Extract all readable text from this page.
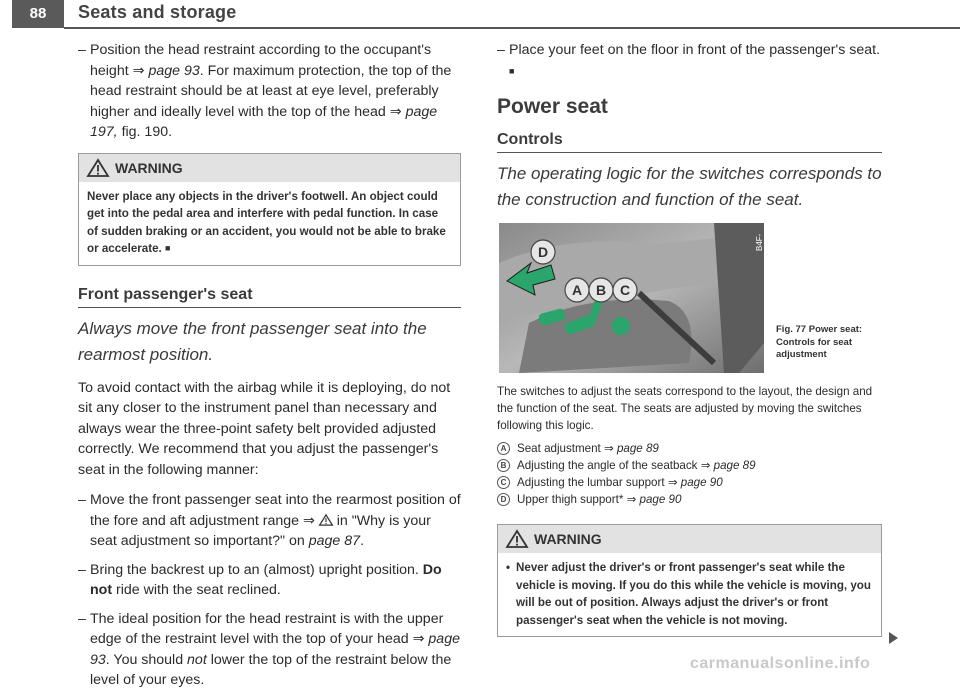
88	Seats and storage
– Position the head restraint according to the occupant's height ⇒ page 93. For maximum protection, the top of the head restraint should be at least at eye level, preferably higher and ideally level with the top of the head ⇒ page 197, fig. 190.
WARNING
Never place any objects in the driver's footwell. An object could get into the pedal area and interfere with pedal function. In case of sudden braking or an accident, you would not be able to brake or accelerate. ■
Front passenger's seat
Always move the front passenger seat into the rearmost position.
To avoid contact with the airbag while it is deploying, do not sit any closer to the instrument panel than necessary and always wear the three-point safety belt provided adjusted correctly. We recommend that you adjust the passenger's seat in the following manner:
– Move the front passenger seat into the rearmost position of the fore and aft adjustment range ⇒  in "Why is your seat adjustment so important?" on page 87.
– Bring the backrest up to an (almost) upright position. Do not ride with the seat reclined.
– The ideal position for the head restraint is with the upper edge of the restraint level with the top of your head ⇒ page 93. You should not lower the top of the restraint below the level of your eyes.
– Place your feet on the floor in front of the passenger's seat. ■
Power seat
Controls
The operating logic for the switches corresponds to the construction and function of the seat.
D
A B C
B4F-2033
Fig. 77 Power seat:
Controls for seat
adjustment
The switches to adjust the seats correspond to the layout, the design and the function of the seat. The seats are adjusted by moving the switches following this logic.
A Seat adjustment ⇒ page 89
B Adjusting the angle of the seatback ⇒ page 89
C Adjusting the lumbar support ⇒ page 90
D Upper thigh support* ⇒ page 90
WARNING
• Never adjust the driver's or front passenger's seat while the vehicle is moving. If you do this while the vehicle is moving, you will be out of position. Always adjust the driver's or front passenger's seat when the vehicle is not moving.
carmanualsonline.info
